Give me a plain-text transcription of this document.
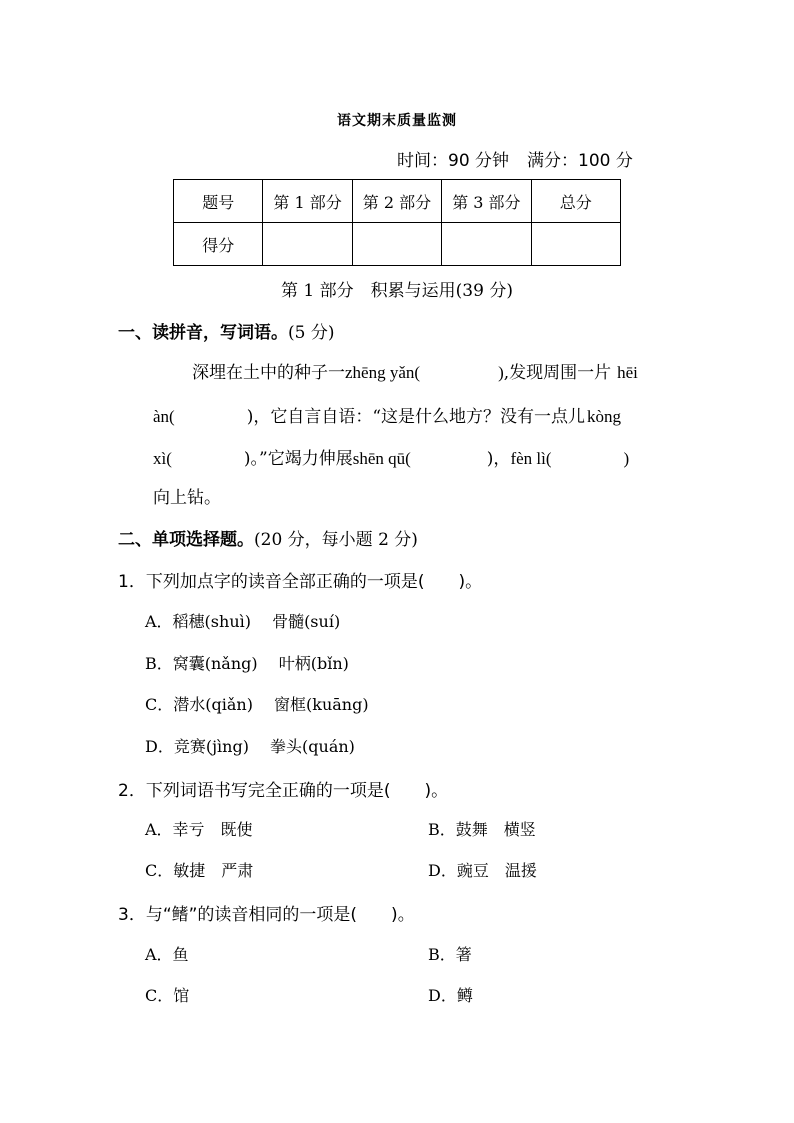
语文期末质量监测
时间：90 分钟 满分：100 分
题号	第 1 部分	第 2 部分	第 3 部分	总分
得分				
第 1 部分　积累与运用(39 分)
一、读拼音，写词语。(5 分)
深埋在土中的种子一zhēng yǎn(	),发现周围一片 hēi
àn(	)，它自言自语：“这是什么地方？没有一点儿 kòng
xì(	)。”它竭力伸展shēn qū(	)，fèn lì(	)
向上钻。
二、单项选择题。(20 分，每小题 2 分)
1．下列加点字的读音全部正确的一项是(　　)。
A．稻穗(shuì)　 骨髓(suí)
B．窝囊(nǎng)　 叶柄(bǐn)
C．潜水(qiǎn)　 窗框(kuāng)
D．竞赛(jìng)　 拳头(quán)
2．下列词语书写完全正确的一项是(　　)。
A．幸亏　既使	B．鼓舞　横竖
C．敏捷　严肃	D．豌豆　温援
3．与“鳍”的读音相同的一项是(　　)。
A．鱼	B．箸
C．馆	D．鳟
